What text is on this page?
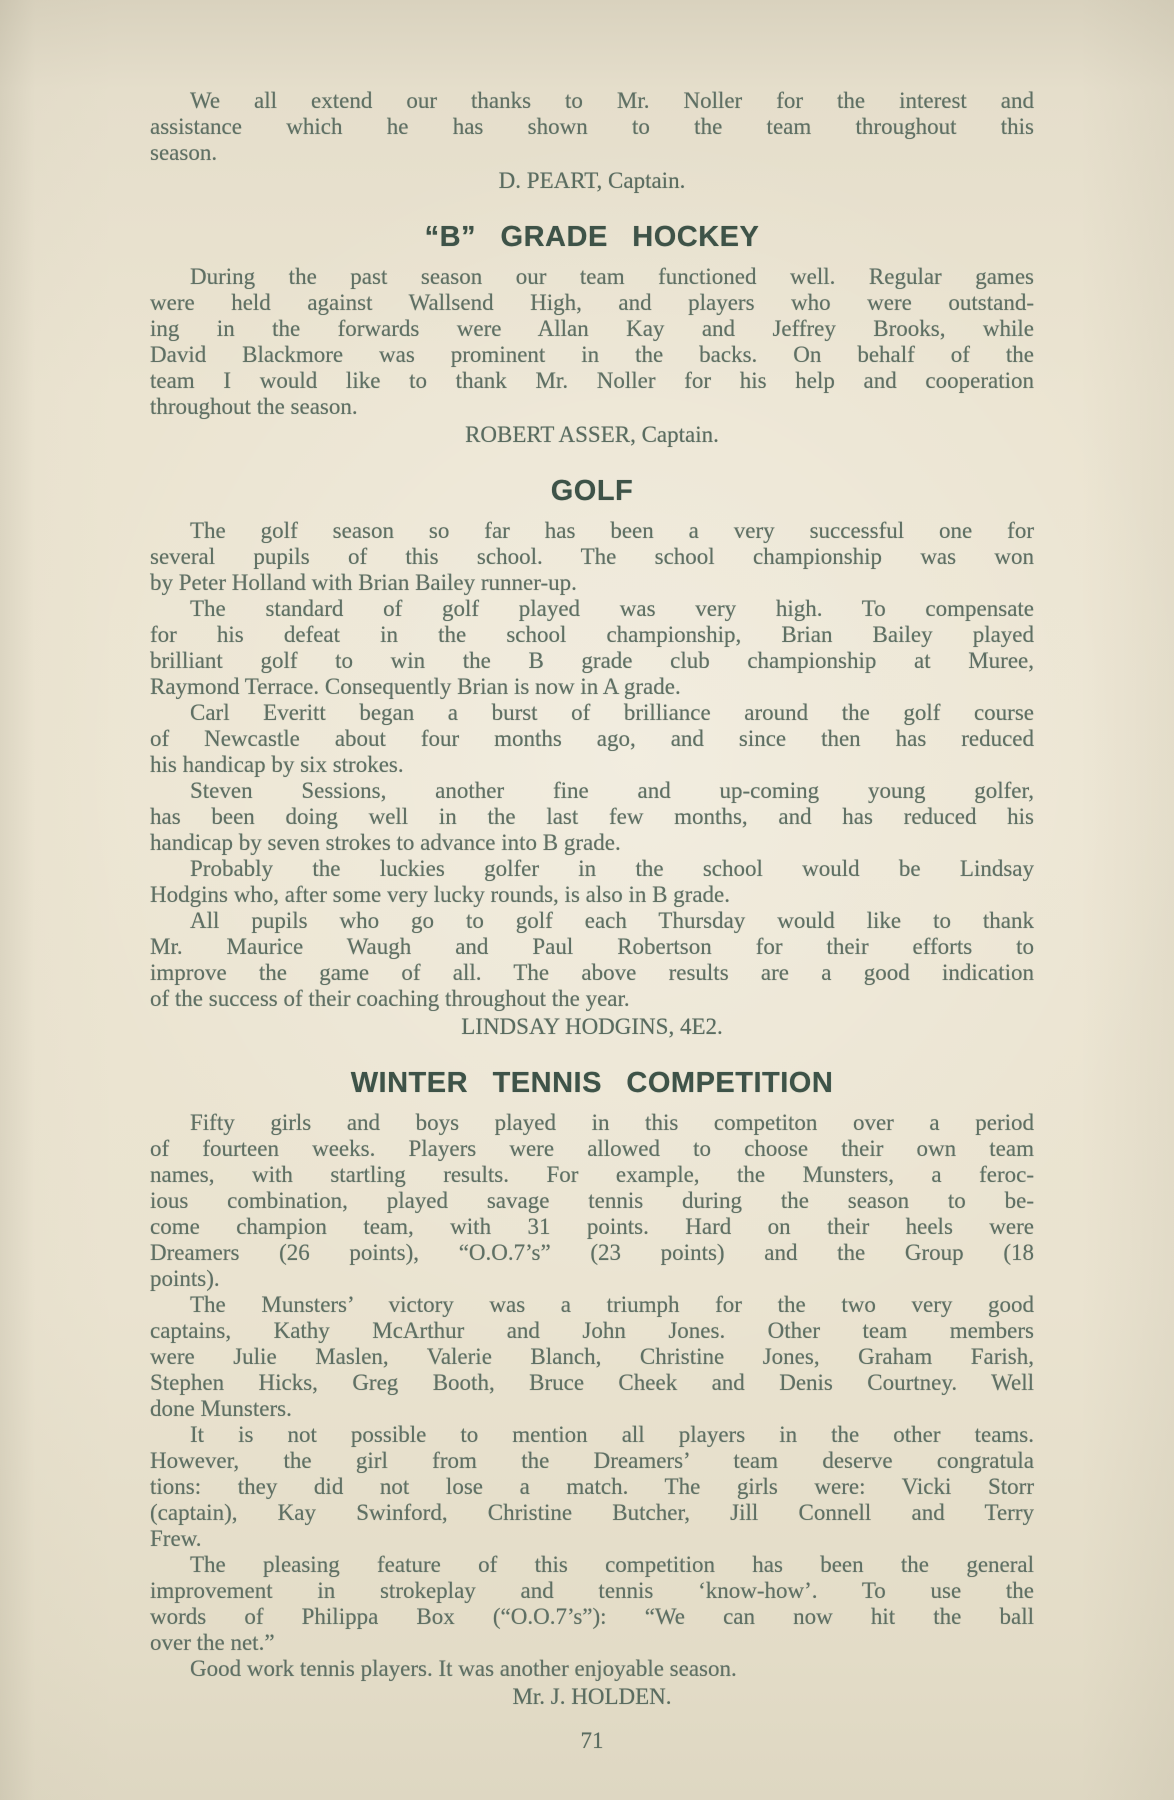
We all extend our thanks to Mr. Noller for the interest and
assistance which he has shown to the team throughout this
season.

D. PEART, Captain.
“B” GRADE HOCKEY

During the past season our team functioned well. Regular games
were held against Wallsend High, and players who were outstand-
ing in the forwards were Allan Kay and Jeffrey Brooks, while
David Blackmore was prominent in the backs. On behalf of the
team I would like to thank Mr. Noller for his help and cooperation
throughout the season.

ROBERT ASSER, Captain.
GOLF

The golf season so far has been a very successful one for
several pupils of this school. The school championship was won
by Peter Holland with Brian Bailey runner-up.

The standard of golf played was very high. To compensate
for his defeat in the school championship, Brian Bailey played
brilliant golf to win the B grade club championship at Muree,
Raymond Terrace. Consequently Brian is now in A grade.

Carl Everitt began a burst of brilliance around the golf course
of Newcastle about four months ago, and since then has reduced
his handicap by six strokes.

Steven Sessions, another fine and up-coming young golfer,
has been doing well in the last few months, and has reduced his
handicap by seven strokes to advance into B grade.

Probably the luckies golfer in the school would be Lindsay
Hodgins who, after some very lucky rounds, is also in B grade.

All pupils who go to golf each Thursday would like to thank
Mr. Maurice Waugh and Paul Robertson for their efforts to
improve the game of all. The above results are a good indication
of the success of their coaching throughout the year.

LINDSAY HODGINS, 4E2.
WINTER TENNIS COMPETITION

Fifty girls and boys played in this competiton over a period
of fourteen weeks. Players were allowed to choose their own team
names, with startling results. For example, the Munsters, a feroc-
ious combination, played savage tennis during the season to be-
come champion team, with 31 points. Hard on their heels were
Dreamers (26 points), “O.O.7’s” (23 points) and the Group (18
points).

The Munsters’ victory was a triumph for the two very good
captains, Kathy McArthur and John Jones. Other team members
were Julie Maslen, Valerie Blanch, Christine Jones, Graham Farish,
Stephen Hicks, Greg Booth, Bruce Cheek and Denis Courtney. Well
done Munsters.

It is not possible to mention all players in the other teams.
However, the girl from the Dreamers’ team deserve congratula
tions: they did not lose a match. The girls were: Vicki Storr
(captain), Kay Swinford, Christine Butcher, Jill Connell and Terry
Frew.

The pleasing feature of this competition has been the general
improvement in strokeplay and tennis ‘know-how’. To use the
words of Philippa Box (“O.O.7’s”): “We can now hit the ball
over the net.”

Good work tennis players. It was another enjoyable season.

Mr. J. HOLDEN.
71
